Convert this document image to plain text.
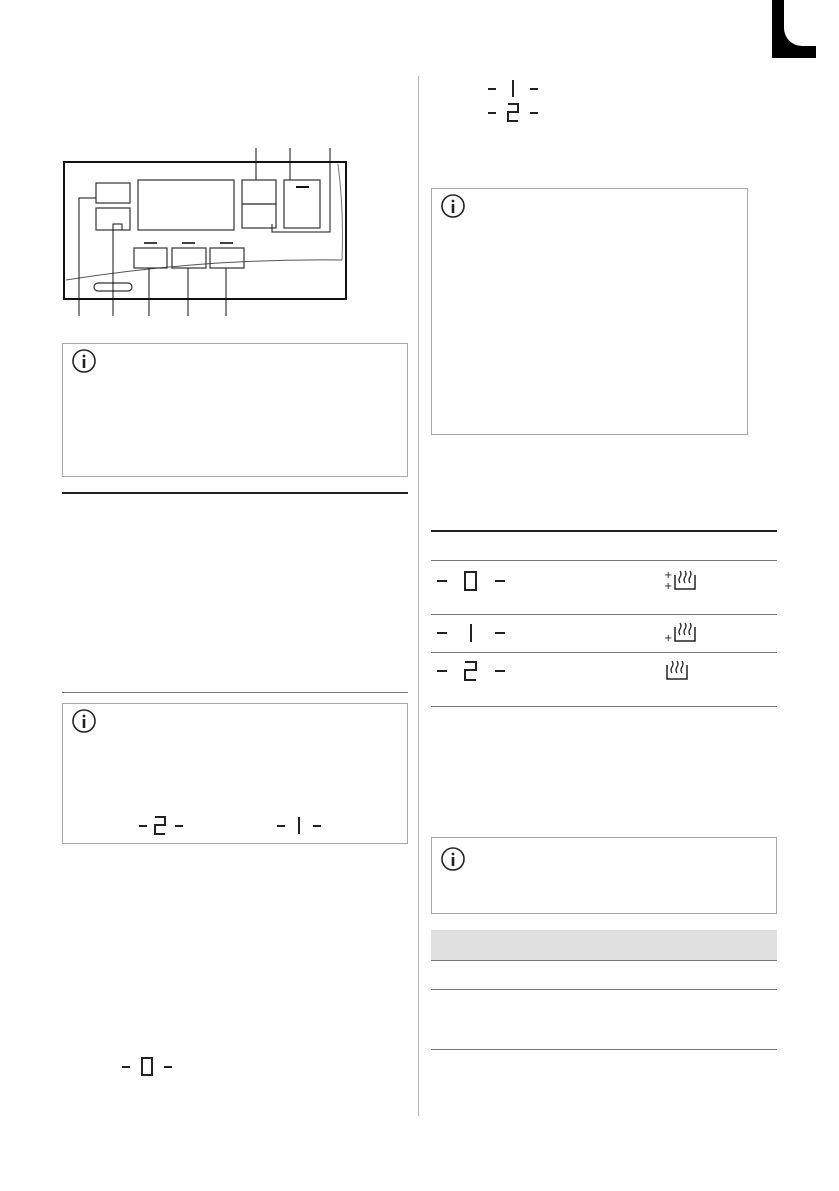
+
+
+
